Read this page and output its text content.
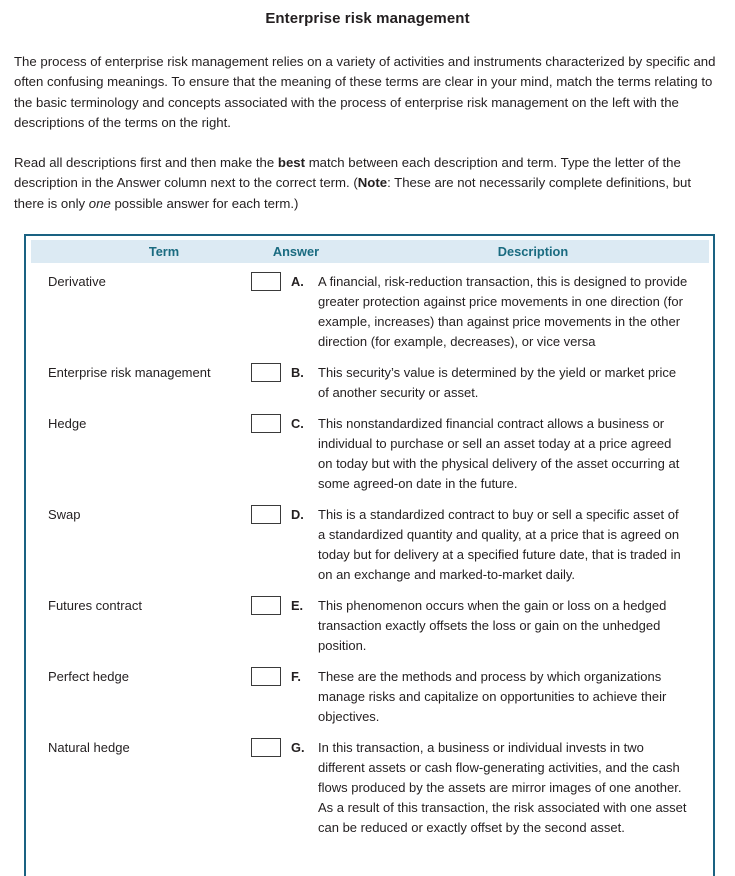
Enterprise risk management

The process of enterprise risk management relies on a variety of activities and instruments characterized by specific and often confusing meanings. To ensure that the meaning of these terms are clear in your mind, match the terms relating to the basic terminology and concepts associated with the process of enterprise risk management on the left with the descriptions of the terms on the right.

Read all descriptions first and then make the best match between each description and term. Type the letter of the description in the Answer column next to the correct term. (Note: These are not necessarily complete definitions, but there is only one possible answer for each term.)

Term	Answer	Description
Derivative	A.	A financial, risk-reduction transaction, this is designed to provide greater protection against price movements in one direction (for example, increases) than against price movements in the other direction (for example, decreases), or vice versa
Enterprise risk management	B.	This security’s value is determined by the yield or market price of another security or asset.
Hedge	C.	This nonstandardized financial contract allows a business or individual to purchase or sell an asset today at a price agreed on today but with the physical delivery of the asset occurring at some agreed-on date in the future.
Swap	D.	This is a standardized contract to buy or sell a specific asset of a standardized quantity and quality, at a price that is agreed on today but for delivery at a specified future date, that is traded in on an exchange and marked-to-market daily.
Futures contract	E.	This phenomenon occurs when the gain or loss on a hedged transaction exactly offsets the loss or gain on the unhedged position.
Perfect hedge	F.	These are the methods and process by which organizations manage risks and capitalize on opportunities to achieve their objectives.
Natural hedge	G.	In this transaction, a business or individual invests in two different assets or cash flow-generating activities, and the cash flows produced by the assets are mirror images of one another. As a result of this transaction, the risk associated with one asset can be reduced or exactly offset by the second asset.
